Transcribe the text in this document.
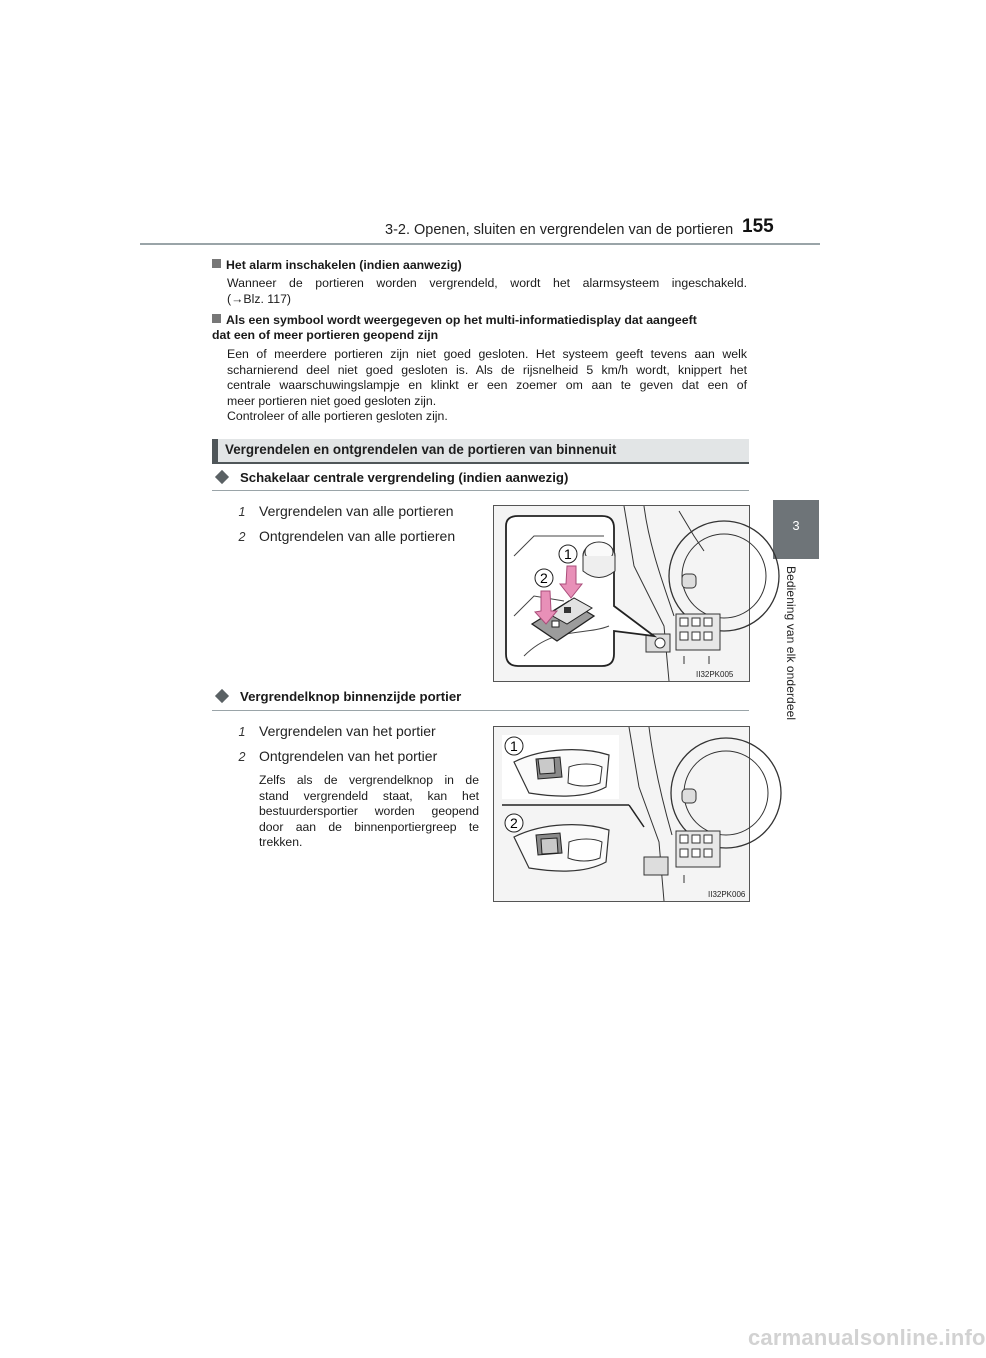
3-2. Openen, sluiten en vergrendelen van de portieren 155
3
Bediening van elk onderdeel
Het alarm inschakelen (indien aanwezig)
Wanneer de portieren worden vergrendeld, wordt het alarmsysteem ingeschakeld.
(→Blz. 117)
Als een symbool wordt weergegeven op het multi-informatiedisplay dat aangeeft
dat een of meer portieren geopend zijn
Een of meerdere portieren zijn niet goed gesloten. Het systeem geeft tevens aan welk
scharnierend deel niet goed gesloten is. Als de rijsnelheid 5 km/h wordt, knippert het
centrale waarschuwingslampje en klinkt er een zoemer om aan te geven dat een of
meer portieren niet goed gesloten zijn.
Controleer of alle portieren gesloten zijn.
Vergrendelen en ontgrendelen van de portieren van binnenuit
Schakelaar centrale vergrendeling (indien aanwezig)
1 Vergrendelen van alle portieren
2 Ontgrendelen van alle portieren
1
2
II32PK005
Vergrendelknop binnenzijde portier
1 Vergrendelen van het portier
2 Ontgrendelen van het portier
Zelfs als de vergrendelknop in de
stand vergrendeld staat, kan het
bestuurdersportier worden geopend
door aan de binnenportiergreep te
trekken.
1
2
II32PK006
carmanualsonline.info
